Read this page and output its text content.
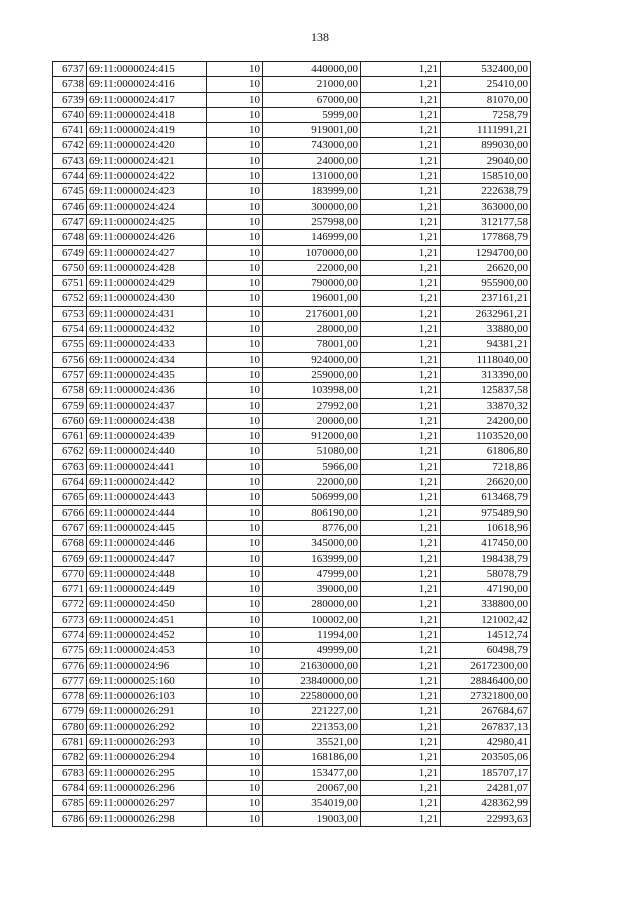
138
6737	69:11:0000024:415	10	440000,00	1,21	532400,00
6738	69:11:0000024:416	10	21000,00	1,21	25410,00
6739	69:11:0000024:417	10	67000,00	1,21	81070,00
6740	69:11:0000024:418	10	5999,00	1,21	7258,79
6741	69:11:0000024:419	10	919001,00	1,21	1111991,21
6742	69:11:0000024:420	10	743000,00	1,21	899030,00
6743	69:11:0000024:421	10	24000,00	1,21	29040,00
6744	69:11:0000024:422	10	131000,00	1,21	158510,00
6745	69:11:0000024:423	10	183999,00	1,21	222638,79
6746	69:11:0000024:424	10	300000,00	1,21	363000,00
6747	69:11:0000024:425	10	257998,00	1,21	312177,58
6748	69:11:0000024:426	10	146999,00	1,21	177868,79
6749	69:11:0000024:427	10	1070000,00	1,21	1294700,00
6750	69:11:0000024:428	10	22000,00	1,21	26620,00
6751	69:11:0000024:429	10	790000,00	1,21	955900,00
6752	69:11:0000024:430	10	196001,00	1,21	237161,21
6753	69:11:0000024:431	10	2176001,00	1,21	2632961,21
6754	69:11:0000024:432	10	28000,00	1,21	33880,00
6755	69:11:0000024:433	10	78001,00	1,21	94381,21
6756	69:11:0000024:434	10	924000,00	1,21	1118040,00
6757	69:11:0000024:435	10	259000,00	1,21	313390,00
6758	69:11:0000024:436	10	103998,00	1,21	125837,58
6759	69:11:0000024:437	10	27992,00	1,21	33870,32
6760	69:11:0000024:438	10	20000,00	1,21	24200,00
6761	69:11:0000024:439	10	912000,00	1,21	1103520,00
6762	69:11:0000024:440	10	51080,00	1,21	61806,80
6763	69:11:0000024:441	10	5966,00	1,21	7218,86
6764	69:11:0000024:442	10	22000,00	1,21	26620,00
6765	69:11:0000024:443	10	506999,00	1,21	613468,79
6766	69:11:0000024:444	10	806190,00	1,21	975489,90
6767	69:11:0000024:445	10	8776,00	1,21	10618,96
6768	69:11:0000024:446	10	345000,00	1,21	417450,00
6769	69:11:0000024:447	10	163999,00	1,21	198438,79
6770	69:11:0000024:448	10	47999,00	1,21	58078,79
6771	69:11:0000024:449	10	39000,00	1,21	47190,00
6772	69:11:0000024:450	10	280000,00	1,21	338800,00
6773	69:11:0000024:451	10	100002,00	1,21	121002,42
6774	69:11:0000024:452	10	11994,00	1,21	14512,74
6775	69:11:0000024:453	10	49999,00	1,21	60498,79
6776	69:11:0000024:96	10	21630000,00	1,21	26172300,00
6777	69:11:0000025:160	10	23840000,00	1,21	28846400,00
6778	69:11:0000026:103	10	22580000,00	1,21	27321800,00
6779	69:11:0000026:291	10	221227,00	1,21	267684,67
6780	69:11:0000026:292	10	221353,00	1,21	267837,13
6781	69:11:0000026:293	10	35521,00	1,21	42980,41
6782	69:11:0000026:294	10	168186,00	1,21	203505,06
6783	69:11:0000026:295	10	153477,00	1,21	185707,17
6784	69:11:0000026:296	10	20067,00	1,21	24281,07
6785	69:11:0000026:297	10	354019,00	1,21	428362,99
6786	69:11:0000026:298	10	19003,00	1,21	22993,63
